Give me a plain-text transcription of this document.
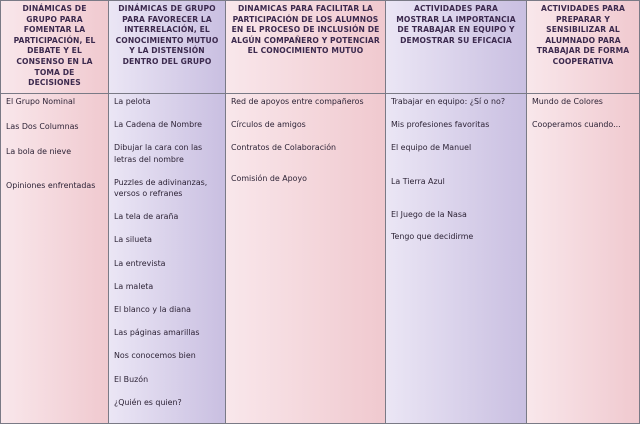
DINÁMICAS DE GRUPO PARA FOMENTAR LA PARTICIPACIÓN, EL DEBATE Y EL CONSENSO EN LA TOMA DE DECISIONES
DINÁMICAS DE GRUPO PARA FAVORECER LA INTERRELACIÓN, EL CONOCIMIENTO MUTUO Y LA DISTENSIÓN DENTRO DEL GRUPO
DINAMICAS PARA FACILITAR LA PARTICIPACIÓN DE LOS ALUMNOS EN EL PROCESO DE INCLUSIÓN DE ALGÚN COMPAÑERO Y POTENCIAR EL CONOCIMIENTO MUTUO
ACTIVIDADES PARA MOSTRAR LA IMPORTANCIA DE TRABAJAR EN EQUIPO Y DEMOSTRAR SU EFICACIA
ACTIVIDADES PARA PREPARAR Y SENSIBILIZAR AL ALUMNADO PARA TRABAJAR DE FORMA COOPERATIVA
El Grupo Nominal
Las Dos Columnas
La bola de nieve
Opiniones enfrentadas
La pelota
La Cadena de Nombre
Dibujar la cara con las letras del nombre
Puzzles de adivinanzas, versos o refranes
La tela de araña
La silueta
La entrevista
La maleta
El blanco y la diana
Las páginas amarillas
Nos conocemos bien
El Buzón
¿Quién es quien?
Red de apoyos entre compañeros
Círculos de amigos
Contratos de Colaboración
Comisión de Apoyo
Trabajar en equipo: ¿Sí o no?
Mis profesiones favoritas
El equipo de Manuel
La Tierra Azul
El Juego de la Nasa
Tengo que decidirme
Mundo de Colores
Cooperamos cuando...
